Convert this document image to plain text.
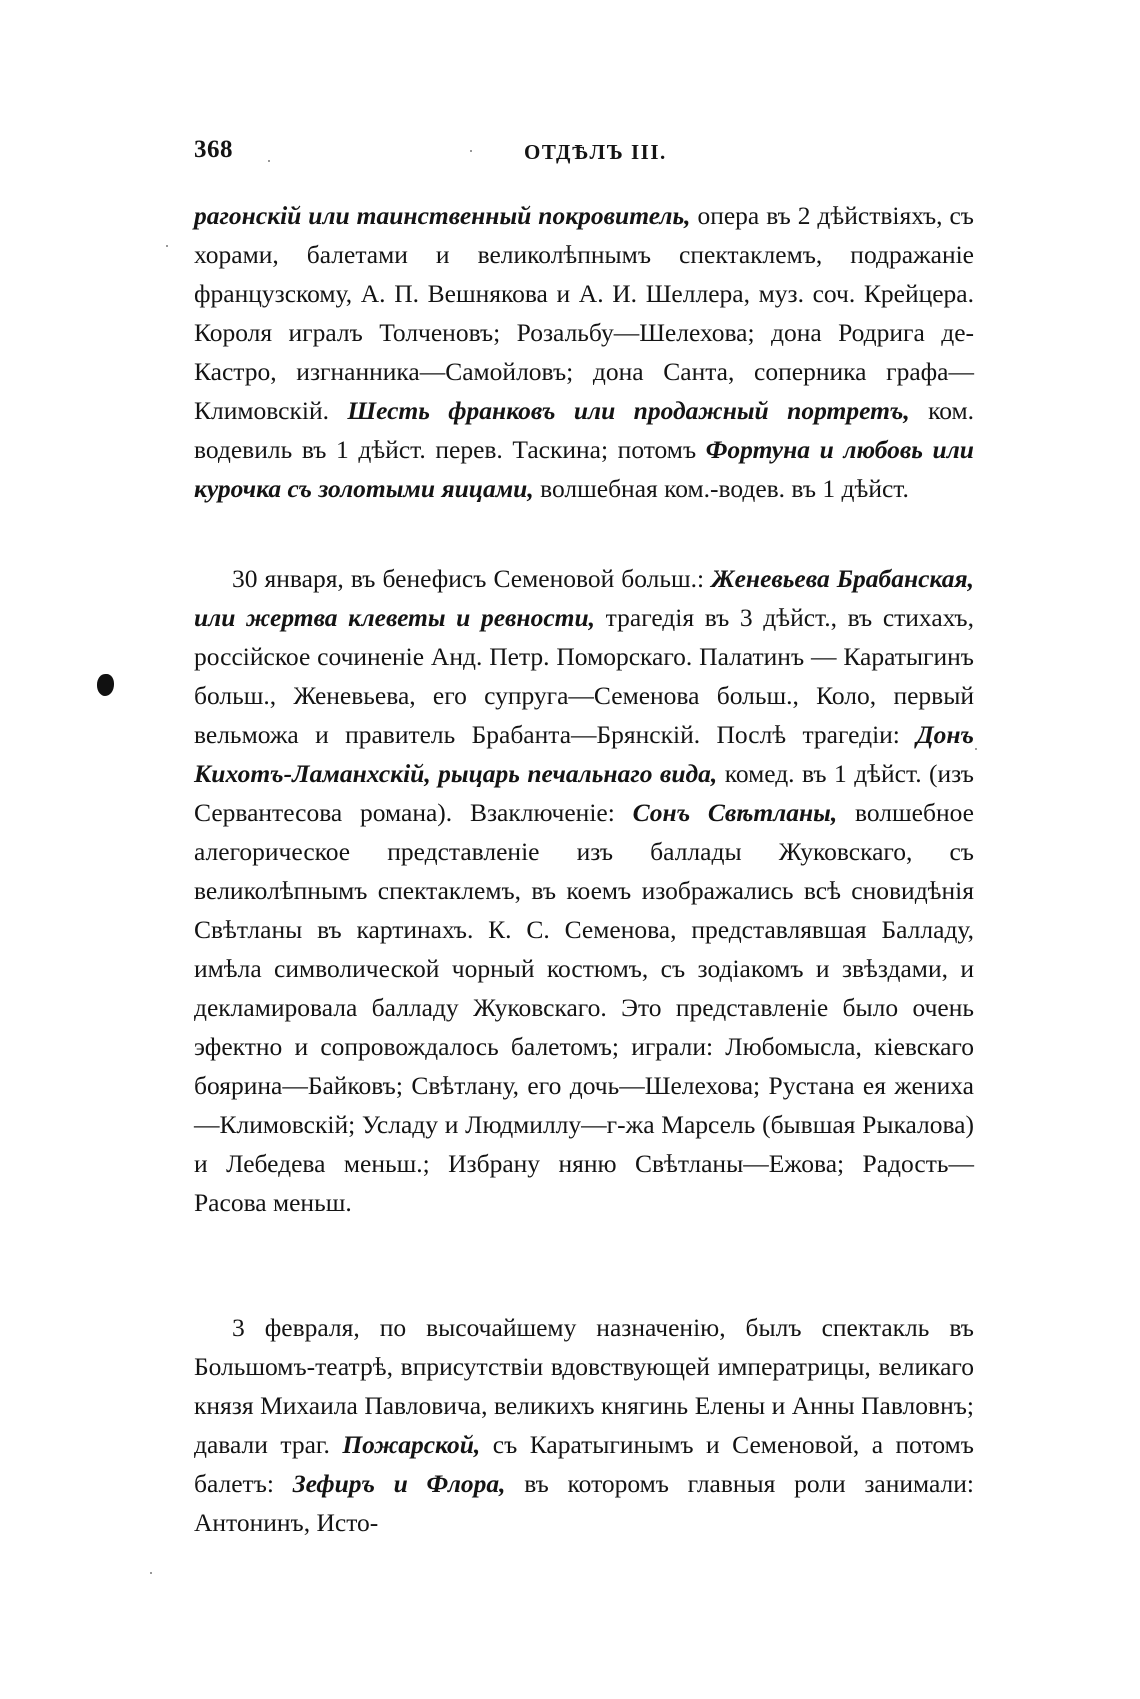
368	ОТДѢЛЪ III.

рагонскій или таинственный покровитель, опера въ 2 дѣйствіяхъ, съ хорами, балетами и великолѣпнымъ спектаклемъ, подражаніе французскому, А. П. Вешнякова и А. И. Шеллера, муз. соч. Крейцера. Короля игралъ Толченовъ; Розальбу—Шелехова; дона Родрига де-Кастро, изгнанника—Самойловъ; дона Санта, соперника графа—Климовскій. Шесть франковъ или продажный портретъ, ком. водевиль въ 1 дѣйст. перев. Таскина; потомъ Фортуна и любовь или курочка съ золотыми яицами, волшебная ком.-водев. въ 1 дѣйст.

30 января, въ бенефисъ Семеновой больш.: Женевьева Брабанская, или жертва клеветы и ревности, трагедія въ 3 дѣйст., въ стихахъ, россійское сочиненіе Анд. Петр. Поморскаго. Палатинъ — Каратыгинъ больш., Женевьева, его супруга—Семенова больш., Коло, первый вельможа и правитель Брабанта—Брянскій. Послѣ трагедіи: Донъ Кихотъ-Ламанхскій, рыцарь печальнаго вида, комед. въ 1 дѣйст. (изъ Сервантесова романа). Взаключеніе: Сонъ Свѣтланы, волшебное алегорическое представленіе изъ баллады Жуковскаго, съ великолѣпнымъ спектаклемъ, въ коемъ изображались всѣ сновидѣнія Свѣтланы въ картинахъ. К. С. Семенова, представлявшая Балладу, имѣла символической чорный костюмъ, съ зодіакомъ и звѣздами, и декламировала балладу Жуковскаго. Это представленіе было очень эфектно и сопровождалось балетомъ; играли: Любомысла, кіевскаго боярина—Байковъ; Свѣтлану, его дочь—Шелехова; Рустана ея жениха—Климовскій; Усладу и Людмиллу—г-жа Марсель (бывшая Рыкалова) и Лебедева меньш.; Избрану няню Свѣтланы—Ежова; Радость—Расова меньш.

3 февраля, по высочайшему назначенію, былъ спектакль въ Большомъ-театрѣ, вприсутствіи вдовствующей императрицы, великаго князя Михаила Павловича, великихъ княгинь Елены и Анны Павловнъ; давали траг. Пожарской, съ Каратыгинымъ и Семеновой, а потомъ балетъ: Зефиръ и Флора, въ которомъ главныя роли занимали: Антонинъ, Исто-
